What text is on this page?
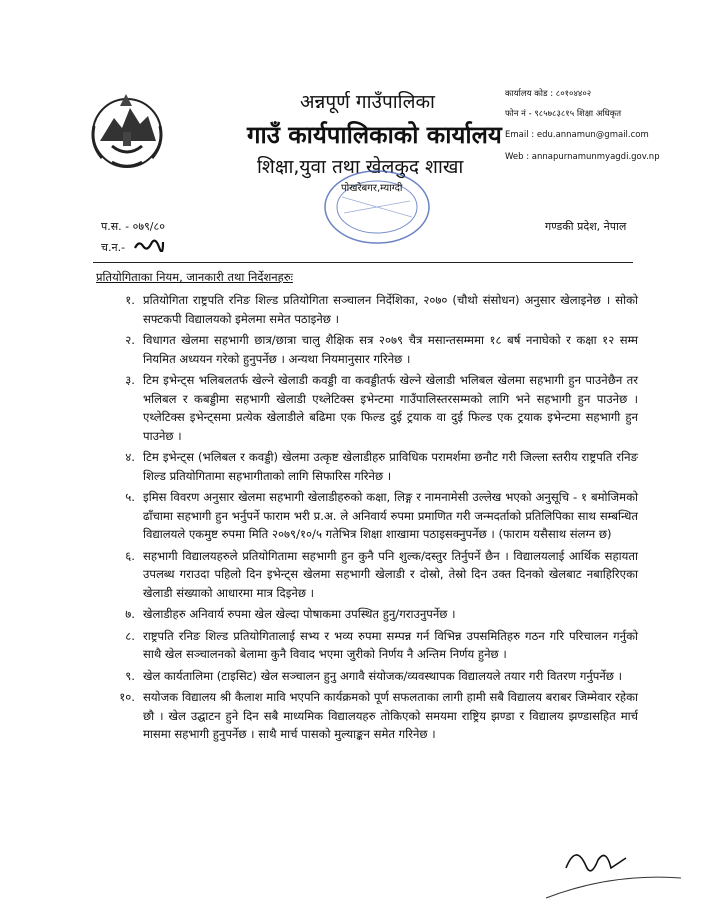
अन्नपूर्ण गाउँपालिका
गाउँ कार्यपालिकाको कार्यालय
शिक्षा,युवा तथा खेलकुद शाखा
पोखरेबगर,म्याग्दी
कार्यालय कोड : ८०१०४४०२
फोन नं - ९८५७८३८१५ शिक्षा अधिकृत
Email : edu.annamun@gmail.com
Web : annapurnamunmyagdi.gov.np
प.स. - ०७९/८०
च.न.-
गण्डकी प्रदेश, नेपाल
प्रतियोगिताका नियम, जानकारी तथा निर्देशनहरुः
१. प्रतियोगिता राष्ट्रपति रनिङ शिल्ड प्रतियोगिता सञ्चालन निर्देशिका, २०७० (चौथो संसोधन) अनुसार खेलाइनेछ । सोको सफ्टकपी विद्यालयको इमेलमा समेत पठाइनेछ ।
२. विधागत खेलमा सहभागी छात्र/छात्रा चालु शैक्षिक सत्र २०७९ चैत्र मसान्तसम्ममा १८ बर्ष ननाघेको र कक्षा १२ सम्म नियमित अध्ययन गरेको हुनुपर्नेछ । अन्यथा नियमानुसार गरिनेछ ।
३. टिम इभेन्ट्स भलिबलतर्फ खेल्ने खेलाडी कवड्डी वा कवड्डीतर्फ खेल्ने खेलाडी भलिबल खेलमा सहभागी हुन पाउनेछैन तर भलिबल र कबड्डीमा सहभागी खेलाडी एथ्लेटिक्स इभेन्टमा गाउँपालिस्तरसम्मको लागि भने सहभागी हुन पाउनेछ । एथ्लेटिक्स इभेन्ट्समा प्रत्येक खेलाडीले बढिमा एक फिल्ड दुई ट्रयाक वा दुई फिल्ड एक ट्रयाक इभेन्टमा सहभागी हुन पाउनेछ ।
४. टिम इभेन्ट्स (भलिबल र कवड्डी) खेलमा उत्कृष्ट खेलाडीहरु प्राविधिक परामर्शमा छनौट गरी जिल्ला स्तरीय राष्ट्रपति रनिङ शिल्ड प्रतियोगितामा सहभागीताको लागि सिफारिस गरिनेछ ।
५. इमिस विवरण अनुसार खेलमा सहभागी खेलाडीहरुको कक्षा, लिङ्ग र नामनामेसी उल्लेख भएको अनुसूचि - १ बमोजिमको ढाँचामा सहभागी हुन भर्नुपर्ने फाराम भरी प्र.अ. ले अनिवार्य रुपमा प्रमाणित गरी जन्मदर्ताको प्रतिलिपिका साथ सम्बन्धित विद्यालयले एकमुष्ट रुपमा मिति २०७९/१०/५ गतेभित्र शिक्षा शाखामा पठाइसक्नुपर्नेछ । (फाराम यसैसाथ संलग्न छ)
६. सहभागी विद्यालयहरुले प्रतियोगितामा सहभागी हुन कुनै पनि शुल्क/दस्तुर तिर्नुपर्ने छैन । विद्यालयलाई आर्थिक सहायता उपलब्ध गराउदा पहिलो दिन इभेन्ट्स खेलमा सहभागी खेलाडी र दोस्रो, तेस्रो दिन उक्त दिनको खेलबाट नबाहिरिएका खेलाडी संख्याको आधारमा मात्र दिइनेछ ।
७. खेलाडीहरु अनिवार्य रुपमा खेल खेल्दा पोषाकमा उपस्थित हुनु/गराउनुपर्नेछ ।
८. राष्ट्रपति रनिङ शिल्ड प्रतियोगितालाई सभ्य र भव्य रुपमा सम्पन्न गर्न विभिन्न उपसमितिहरु गठन गरि परिचालन गर्नुको साथै खेल सञ्चालनको बेलामा कुनै विवाद भएमा जुरीको निर्णय नै अन्तिम निर्णय हुनेछ ।
९. खेल कार्यतालिमा (टाइसिट) खेल सञ्चालन हुनु अगावै संयोजक/व्यवस्थापक विद्यालयले तयार गरी वितरण गर्नुपर्नेछ ।
१०. सयोजक विद्यालय श्री कैलाश मावि भएपनि कार्यक्रमको पूर्ण सफलताका लागी हामी सबै विद्यालय बराबर जिम्मेवार रहेका छौ । खेल उद्घाटन हुने दिन सबै माध्यमिक विद्यालयहरु तोकिएको समयमा राष्ट्रिय झण्डा र विद्यालय झण्डासहित मार्च मासमा सहभागी हुनुपर्नेछ । साथै मार्च पासको मुल्याङ्कन समेत गरिनेछ ।
